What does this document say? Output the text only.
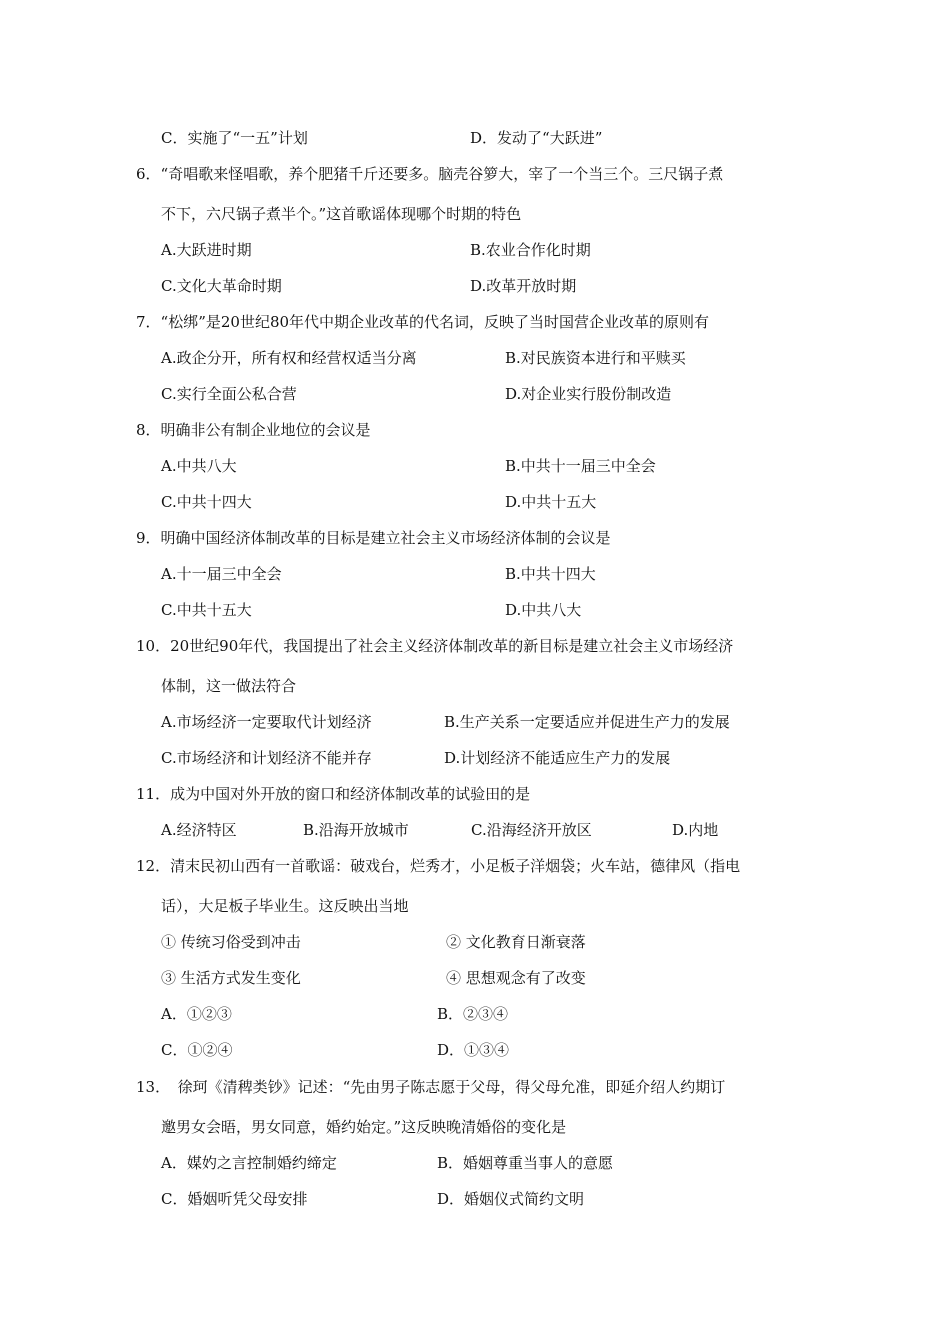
C．实施了“一五”计划	D．发动了“大跃进”
6．“奇唱歌来怪唱歌，养个肥猪千斤还要多。脑壳谷箩大，宰了一个当三个。三尺锅子煮
不下，六尺锅子煮半个。”这首歌谣体现哪个时期的特色
A.大跃进时期	B.农业合作化时期
C.文化大革命时期	D.改革开放时期
7．“松绑”是20世纪80年代中期企业改革的代名词，反映了当时国营企业改革的原则有
A.政企分开，所有权和经营权适当分离	B.对民族资本进行和平赎买
C.实行全面公私合营	D.对企业实行股份制改造
8．明确非公有制企业地位的会议是
A.中共八大	B.中共十一届三中全会
C.中共十四大	D.中共十五大
9．明确中国经济体制改革的目标是建立社会主义市场经济体制的会议是
A.十一届三中全会	B.中共十四大
C.中共十五大	D.中共八大
10．20世纪90年代，我国提出了社会主义经济体制改革的新目标是建立社会主义市场经济
体制，这一做法符合
A.市场经济一定要取代计划经济	B.生产关系一定要适应并促进生产力的发展
C.市场经济和计划经济不能并存	D.计划经济不能适应生产力的发展
11．成为中国对外开放的窗口和经济体制改革的试验田的是
A.经济特区	B.沿海开放城市	C.沿海经济开放区	D.内地
12．清末民初山西有一首歌谣：破戏台，烂秀才，小足板子洋烟袋；火车站，德律风（指电
话），大足板子毕业生。这反映出当地
① 传统习俗受到冲击	② 文化教育日渐衰落
③ 生活方式发生变化	④ 思想观念有了改变
A．①②③	B．②③④
C．①②④	D．①③④
13．　徐珂《清稗类钞》记述：“先由男子陈志愿于父母，得父母允准，即延介绍人约期订
邀男女会晤，男女同意，婚约始定。”这反映晚清婚俗的变化是
A．媒妁之言控制婚约缔定	B．婚姻尊重当事人的意愿
C．婚姻听凭父母安排	D．婚姻仪式简约文明
